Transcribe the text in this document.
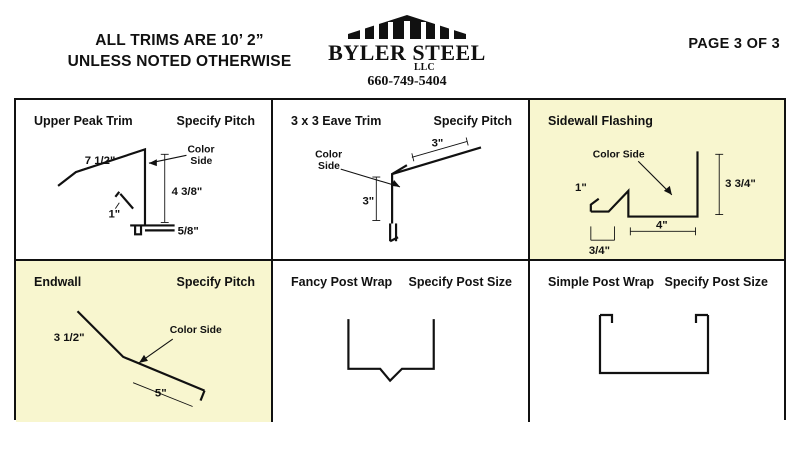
ALL TRIMS ARE 10’ 2”
UNLESS NOTED OTHERWISE	BYLER STEEL
LLC
660-749-5404
PAGE 3 OF 3
Upper Peak Trim	Specify Pitch
7 1/2"
4 3/8"
1"
5/8"
Color
Side
3 x 3 Eave Trim	Specify Pitch
3"
3"
Color
Side
Sidewall Flashing
3 3/4"
1"
4"
3/4"
Color Side
Endwall	Specify Pitch
3 1/2"
5"
Color Side
Fancy Post Wrap Specify Post Size	Simple Post Wrap Specify Post Size
